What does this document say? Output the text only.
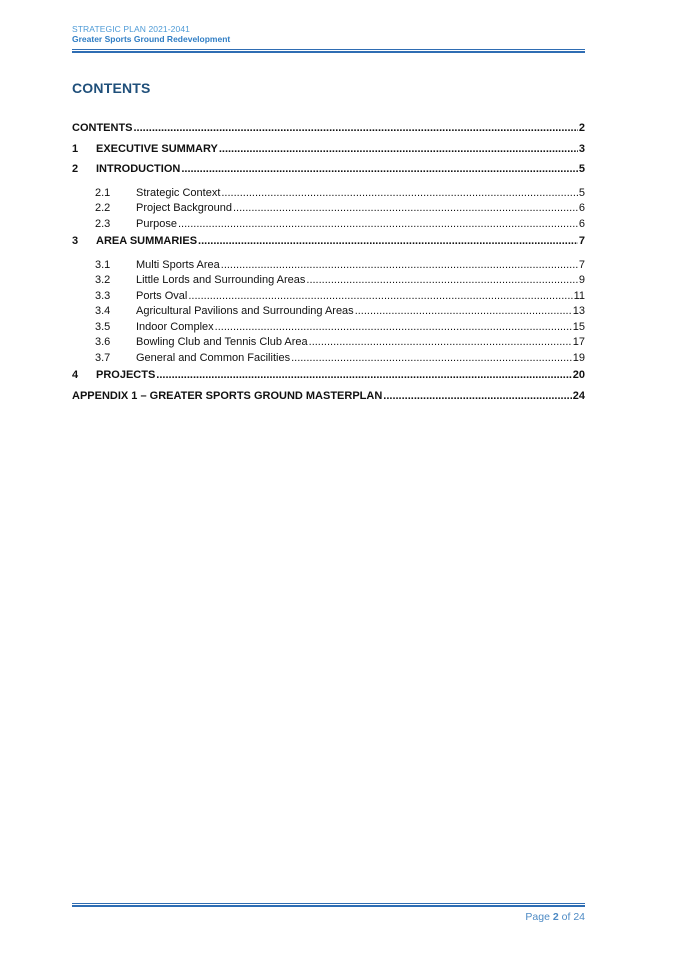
STRATEGIC PLAN 2021-2041
Greater Sports Ground Redevelopment
CONTENTS
CONTENTS .....	2
1	EXECUTIVE SUMMARY .....	3
2	INTRODUCTION .....	5
2.1	Strategic Context .....	5
2.2	Project Background .....	6
2.3	Purpose .....	6
3	AREA SUMMARIES .....	7
3.1	Multi Sports Area .....	7
3.2	Little Lords and Surrounding Areas .....	9
3.3	Ports Oval .....	11
3.4	Agricultural Pavilions and Surrounding Areas .....	13
3.5	Indoor Complex .....	15
3.6	Bowling Club and Tennis Club Area .....	17
3.7	General and Common Facilities .....	19
4	PROJECTS .....	20
APPENDIX 1 – GREATER SPORTS GROUND MASTERPLAN .....	24
Page 2 of 24
